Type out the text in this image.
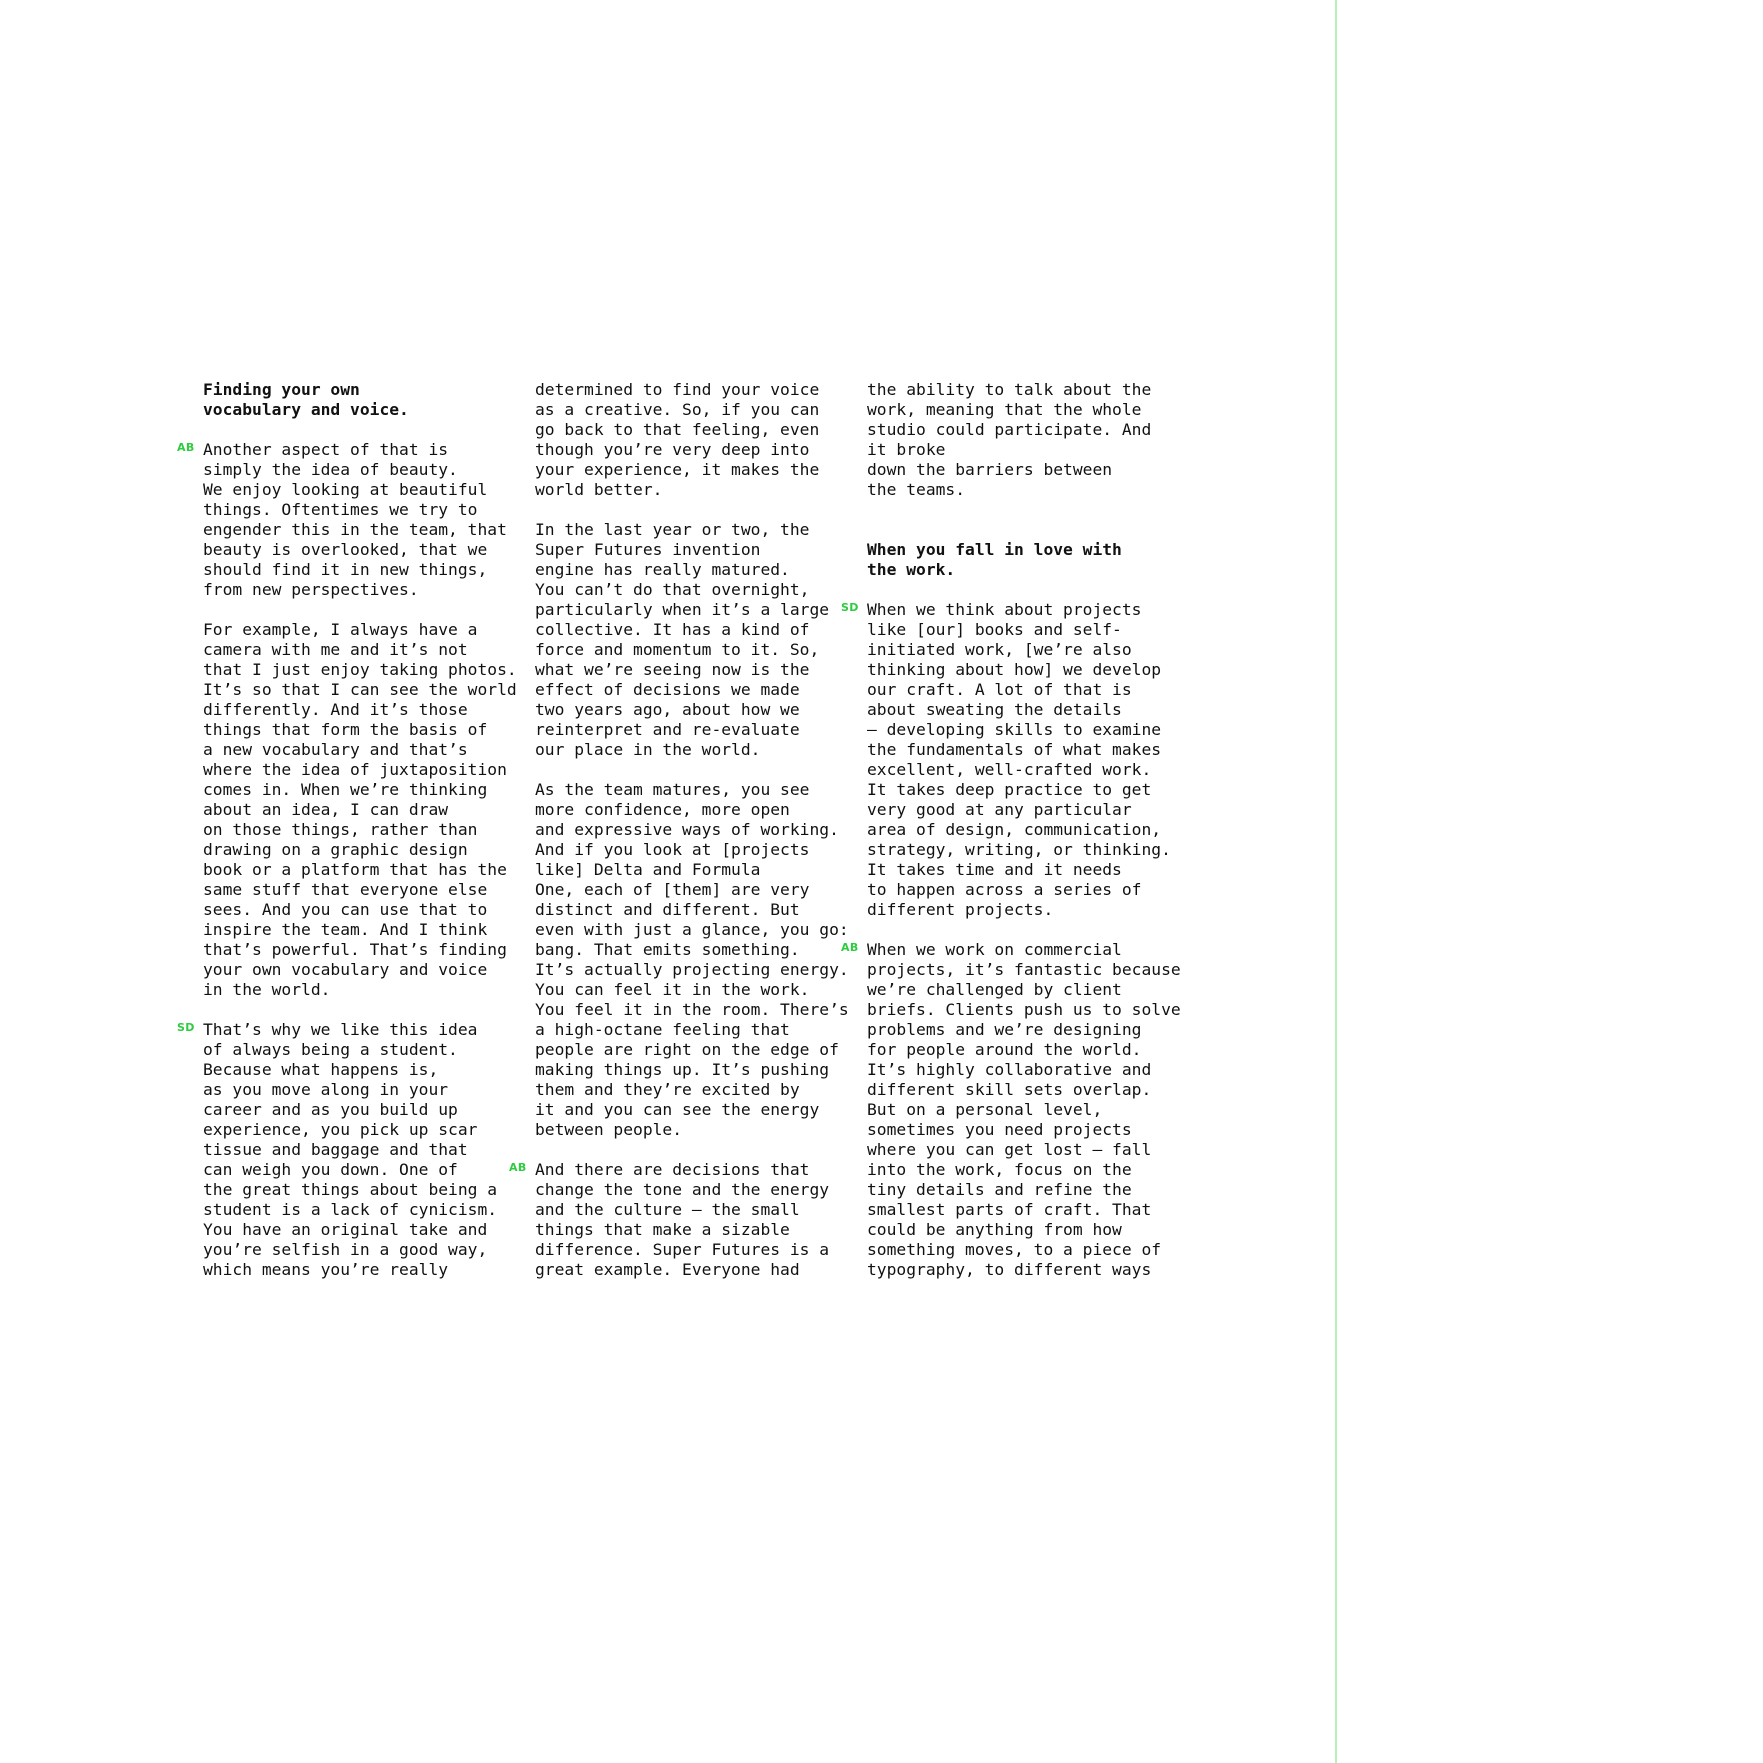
Finding your own
vocabulary and voice.
AB Another aspect of that is
simply the idea of beauty.
We enjoy looking at beautiful
things. Oftentimes we try to
engender this in the team, that
beauty is overlooked, that we
should find it in new things,
from new perspectives.
For example, I always have a
camera with me and it’s not
that I just enjoy taking photos.
It’s so that I can see the world
differently. And it’s those
things that form the basis of
a new vocabulary and that’s
where the idea of juxtaposition
comes in. When we’re thinking
about an idea, I can draw
on those things, rather than
drawing on a graphic design
book or a platform that has the
same stuff that everyone else
sees. And you can use that to
inspire the team. And I think
that’s powerful. That’s finding
your own vocabulary and voice
in the world.
SD That’s why we like this idea
of always being a student.
Because what happens is,
as you move along in your
career and as you build up
experience, you pick up scar
tissue and baggage and that
can weigh you down. One of
the great things about being a
student is a lack of cynicism.
You have an original take and
you’re selfish in a good way,
which means you’re really
determined to find your voice
as a creative. So, if you can
go back to that feeling, even
though you’re very deep into
your experience, it makes the
world better.
In the last year or two, the
Super Futures invention
engine has really matured.
You can’t do that overnight,
particularly when it’s a large
collective. It has a kind of
force and momentum to it. So,
what we’re seeing now is the
effect of decisions we made
two years ago, about how we
reinterpret and re-evaluate
our place in the world.
As the team matures, you see
more confidence, more open
and expressive ways of working.
And if you look at [projects
like] Delta and Formula
One, each of [them] are very
distinct and different. But
even with just a glance, you go:
bang. That emits something.
It’s actually projecting energy.
You can feel it in the work.
You feel it in the room. There’s
a high-octane feeling that
people are right on the edge of
making things up. It’s pushing
them and they’re excited by
it and you can see the energy
between people.
AB And there are decisions that
change the tone and the energy
and the culture – the small
things that make a sizable
difference. Super Futures is a
great example. Everyone had
the ability to talk about the
work, meaning that the whole
studio could participate. And
it broke
down the barriers between
the teams.
When you fall in love with
the work.
SD When we think about projects
like [our] books and self-
initiated work, [we’re also
thinking about how] we develop
our craft. A lot of that is
about sweating the details
– developing skills to examine
the fundamentals of what makes
excellent, well-crafted work.
It takes deep practice to get
very good at any particular
area of design, communication,
strategy, writing, or thinking.
It takes time and it needs
to happen across a series of
different projects.
AB When we work on commercial
projects, it’s fantastic because
we’re challenged by client
briefs. Clients push us to solve
problems and we’re designing
for people around the world.
It’s highly collaborative and
different skill sets overlap.
But on a personal level,
sometimes you need projects
where you can get lost – fall
into the work, focus on the
tiny details and refine the
smallest parts of craft. That
could be anything from how
something moves, to a piece of
typography, to different ways
